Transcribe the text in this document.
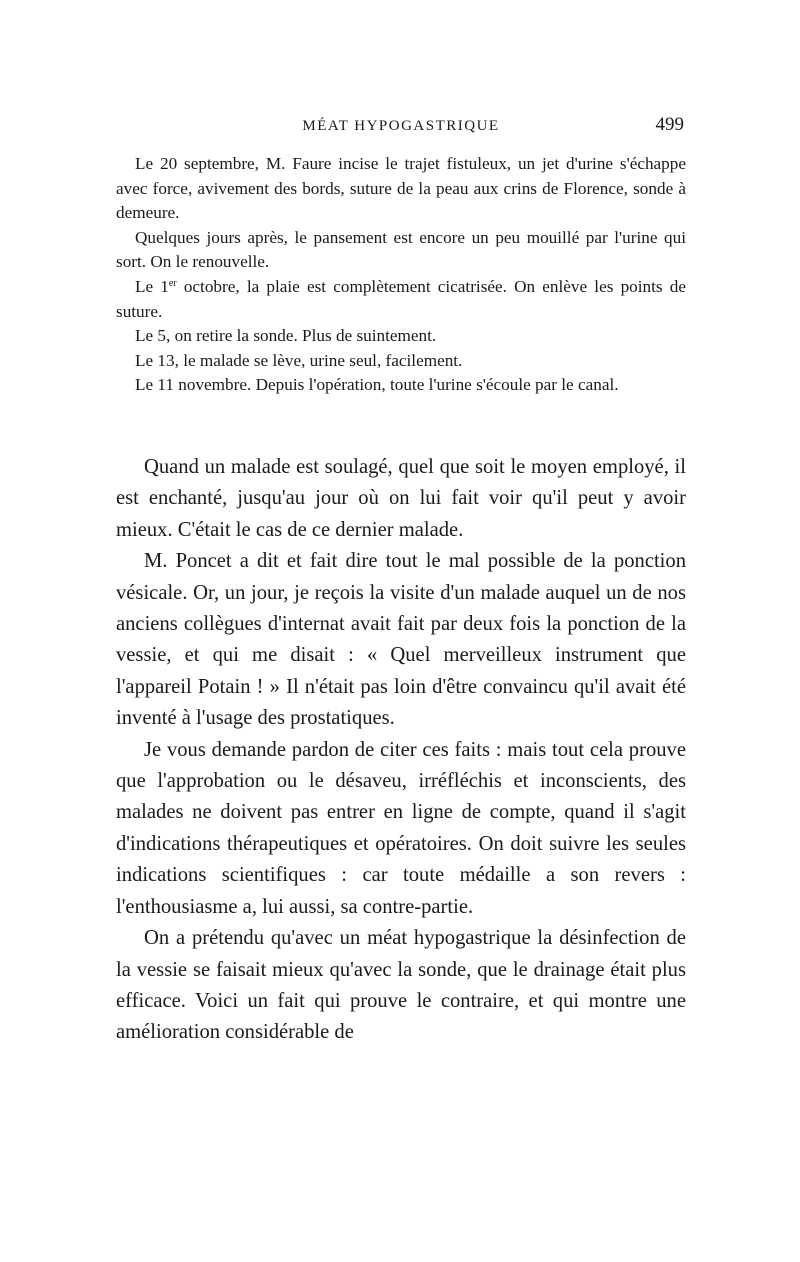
MÉAT HYPOGASTRIQUE	499

Le 20 septembre, M. Faure incise le trajet fistuleux, un jet d'urine s'échappe avec force, avivement des bords, suture de la peau aux crins de Florence, sonde à demeure.

Quelques jours après, le pansement est encore un peu mouillé par l'urine qui sort. On le renouvelle.

Le 1er octobre, la plaie est complètement cicatrisée. On enlève les points de suture.

Le 5, on retire la sonde. Plus de suintement.

Le 13, le malade se lève, urine seul, facilement.

Le 11 novembre. Depuis l'opération, toute l'urine s'écoule par le canal.

Quand un malade est soulagé, quel que soit le moyen employé, il est enchanté, jusqu'au jour où on lui fait voir qu'il peut y avoir mieux. C'était le cas de ce dernier malade.

M. Poncet a dit et fait dire tout le mal possible de la ponction vésicale. Or, un jour, je reçois la visite d'un malade auquel un de nos anciens collègues d'internat avait fait par deux fois la ponction de la vessie, et qui me disait : « Quel merveilleux instrument que l'appareil Potain ! » Il n'était pas loin d'être convaincu qu'il avait été inventé à l'usage des prostatiques.

Je vous demande pardon de citer ces faits : mais tout cela prouve que l'approbation ou le désaveu, irréfléchis et inconscients, des malades ne doivent pas entrer en ligne de compte, quand il s'agit d'indications thérapeutiques et opératoires. On doit suivre les seules indications scientifiques : car toute médaille a son revers : l'enthousiasme a, lui aussi, sa contre-partie.

On a prétendu qu'avec un méat hypogastrique la désinfection de la vessie se faisait mieux qu'avec la sonde, que le drainage était plus efficace. Voici un fait qui prouve le contraire, et qui montre une amélioration considérable de
